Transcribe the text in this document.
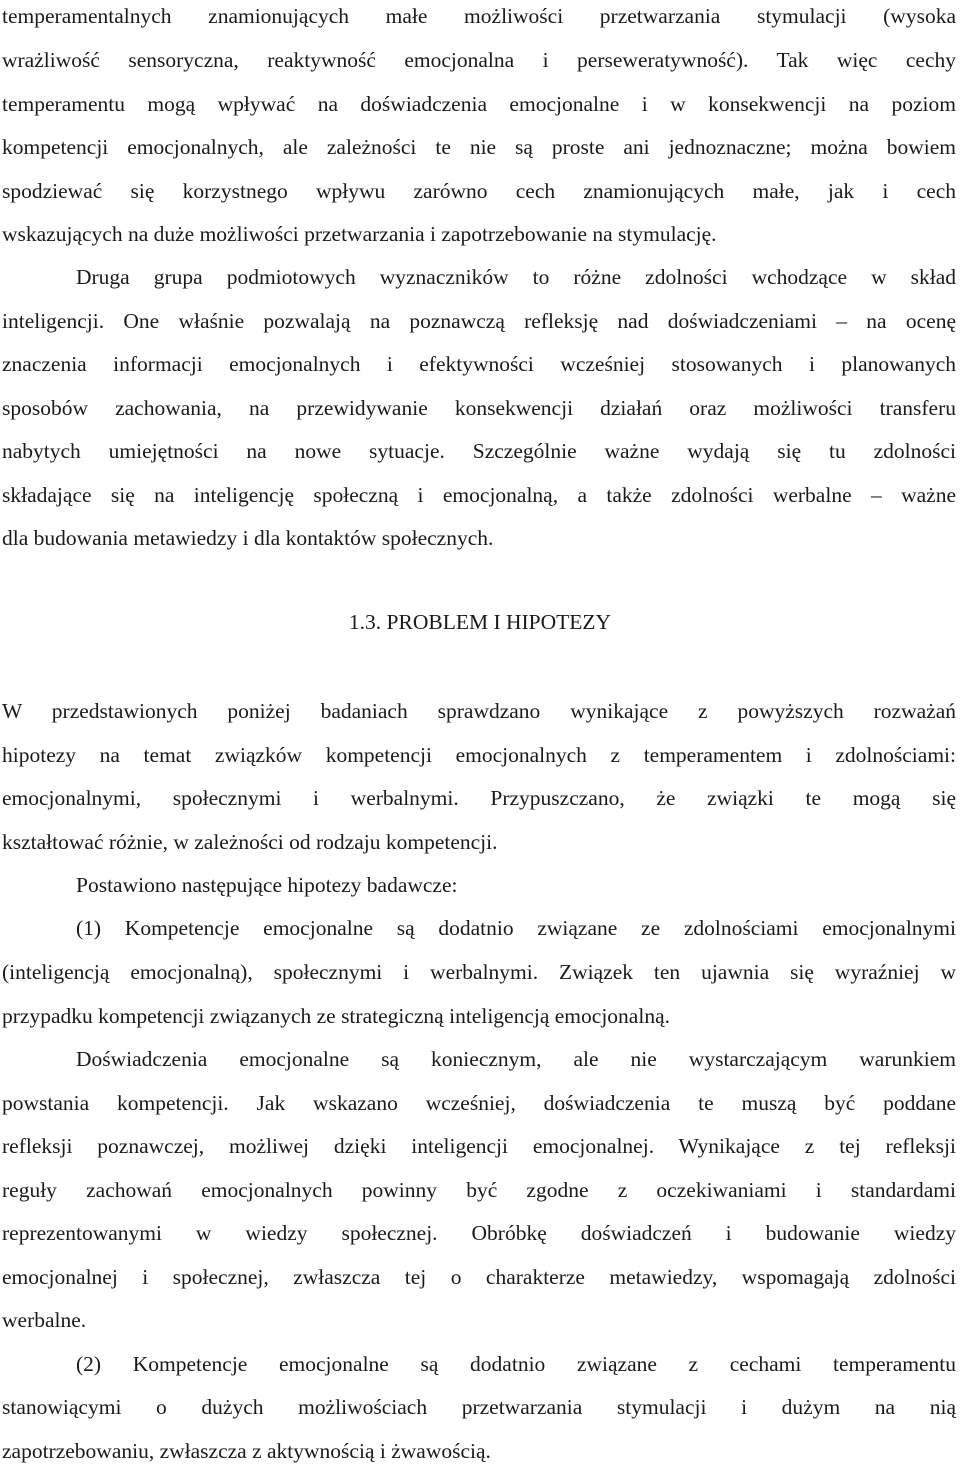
temperamentalnych znamionujących małe możliwości przetwarzania stymulacji (wysoka
wrażliwość sensoryczna, reaktywność emocjonalna i perseweratywność). Tak więc cechy
temperamentu mogą wpływać na doświadczenia emocjonalne i w konsekwencji na poziom
kompetencji emocjonalnych, ale zależności te nie są proste ani jednoznaczne; można bowiem
spodziewać się korzystnego wpływu zarówno cech znamionujących małe, jak i cech
wskazujących na duże możliwości przetwarzania i zapotrzebowanie na stymulację.
Druga grupa podmiotowych wyznaczników to różne zdolności wchodzące w skład
inteligencji. One właśnie pozwalają na poznawczą refleksję nad doświadczeniami – na ocenę
znaczenia informacji emocjonalnych i efektywności wcześniej stosowanych i planowanych
sposobów zachowania, na przewidywanie konsekwencji działań oraz możliwości transferu
nabytych umiejętności na nowe sytuacje. Szczególnie ważne wydają się tu zdolności
składające się na inteligencję społeczną i emocjonalną, a także zdolności werbalne – ważne
dla budowania metawiedzy i dla kontaktów społecznych.
1.3. PROBLEM I HIPOTEZY
W przedstawionych poniżej badaniach sprawdzano wynikające z powyższych rozważań
hipotezy na temat związków kompetencji emocjonalnych z temperamentem i zdolnościami:
emocjonalnymi, społecznymi i werbalnymi. Przypuszczano, że związki te mogą się
kształtować różnie, w zależności od rodzaju kompetencji.
Postawiono następujące hipotezy badawcze:
(1) Kompetencje emocjonalne są dodatnio związane ze zdolnościami emocjonalnymi
(inteligencją emocjonalną), społecznymi i werbalnymi. Związek ten ujawnia się wyraźniej w
przypadku kompetencji związanych ze strategiczną inteligencją emocjonalną.
Doświadczenia emocjonalne są koniecznym, ale nie wystarczającym warunkiem
powstania kompetencji. Jak wskazano wcześniej, doświadczenia te muszą być poddane
refleksji poznawczej, możliwej dzięki inteligencji emocjonalnej. Wynikające z tej refleksji
reguły zachowań emocjonalnych powinny być zgodne z oczekiwaniami i standardami
reprezentowanymi w wiedzy społecznej. Obróbkę doświadczeń i budowanie wiedzy
emocjonalnej i społecznej, zwłaszcza tej o charakterze metawiedzy, wspomagają zdolności
werbalne.
(2) Kompetencje emocjonalne są dodatnio związane z cechami temperamentu
stanowiącymi o dużych możliwościach przetwarzania stymulacji i dużym na nią
zapotrzebowaniu, zwłaszcza z aktywnością i żwawością.
